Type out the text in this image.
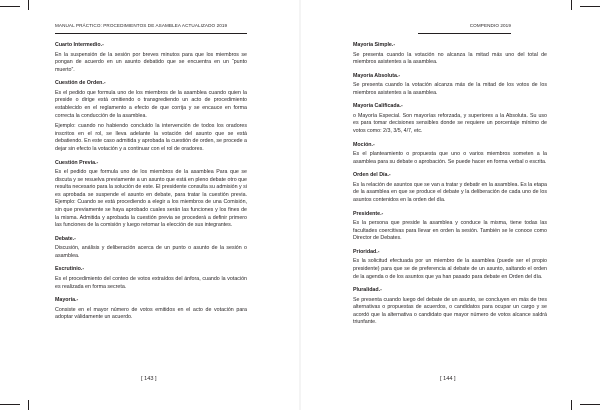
MANUAL PRÁCTICO: PROCEDIMIENTOS DE ASAMBLEA ACTUALIZADO 2019
Cuarto Intermedio.-

En la suspensión de la sesión por breves minutos para que los miembros se pongan de acuerdo en un asunto debatido que se encuentra en un “punto muerto”.

Cuestión de Orden.-

Es el pedido que formula uno de los miembros de la asamblea cuando quien la preside o dirige está omitiendo o transgrediendo un acto de procedimiento establecido en el reglamento a efecto de que corrija y se encauce en forma correcta la conducción de la asamblea.

Ejemplo: cuando no habiendo concluido la intervención de todos los oradores inscritos en el rol, se lleva adelante la votación del asunto que se está debatiendo. En este caso admitida y aprobada la cuestión de orden, se procede a dejar sin efecto la votación y a continuar con el rol de oradores.

Cuestión Previa.-

Es el pedido que formula uno de los miembros de la asamblea Para que se discuta y se resuelva previamente a un asunto que está en pleno debate otro que resulta necesario para la solución de este. El presidente consulta su admisión y si es aprobada se suspende el asunto en debate, para tratar la cuestión previa. Ejemplo: Cuando se está procediendo a elegir a los miembros de una Comisión, sin que previamente se haya aprobado cuales serán las funciones y los fines de la misma. Admitida y aprobada la cuestión previa se procederá a definir primero las funciones de la comisión y luego retomar la elección de sus integrantes.

Debate.-

Discusión, análisis y deliberación acerca de un punto o asunto de la sesión o asamblea.

Escrutinio.-

Es el procedimiento del conteo de votos extraídos del ánfora, cuando la votación es realizada en forma secreta.

Mayoría.-

Consiste en el mayor número de votos emitidos en el acto de votación para adoptar válidamente un acuerdo.

[ 143 ]
COMPENDIO 2019
Mayoría Simple.-

Se presenta cuando la votación no alcanza la mitad más uno del total de miembros asistentes a la asamblea.

Mayoría Absoluta.-

Se presenta cuando la votación alcanza más de la mitad de los votos de los miembros asistentes a la asamblea.

Mayoría Calificada.-

o Mayoría Especial. Son mayorías reforzada, y superiores a la Absoluta. Su uso es para tomar decisiones sensibles donde se requiere un porcentaje mínimo de votos como: 2/3, 3/5, 4/7, etc.

Moción.-

Es el planteamiento o propuesta que uno o varios miembros someten a la asamblea para su debate o aprobación. Se puede hacer en forma verbal o escrita.

Orden del Día.-

Es la relación de asuntos que se van a tratar y debatir en la asamblea. Es la etapa de la asamblea en que se produce el debate y la deliberación de cada uno de los asuntos contenidos en la orden del día.

Presidente.-

Es la persona que preside la asamblea y conduce la misma, tiene todas las facultades coercitivas para llevar en orden la sesión. También se le conoce como Director de Debates.

Prioridad.-

Es la solicitud efectuada por un miembro de la asamblea (puede ser el propio presidente) para que se de preferencia al debate de un asunto, saltando el orden de la agenda o de los asuntos que ya han pasado para debate en Orden del día.

Pluralidad.-

Se presenta cuando luego del debate de un asunto, se concluyen en más de tres alternativas o propuestas de acuerdos, o candidatos para ocupar un cargo y se acordó que la alternativa o candidato que mayor número de votos alcance saldrá triunfante.

[ 144 ]
